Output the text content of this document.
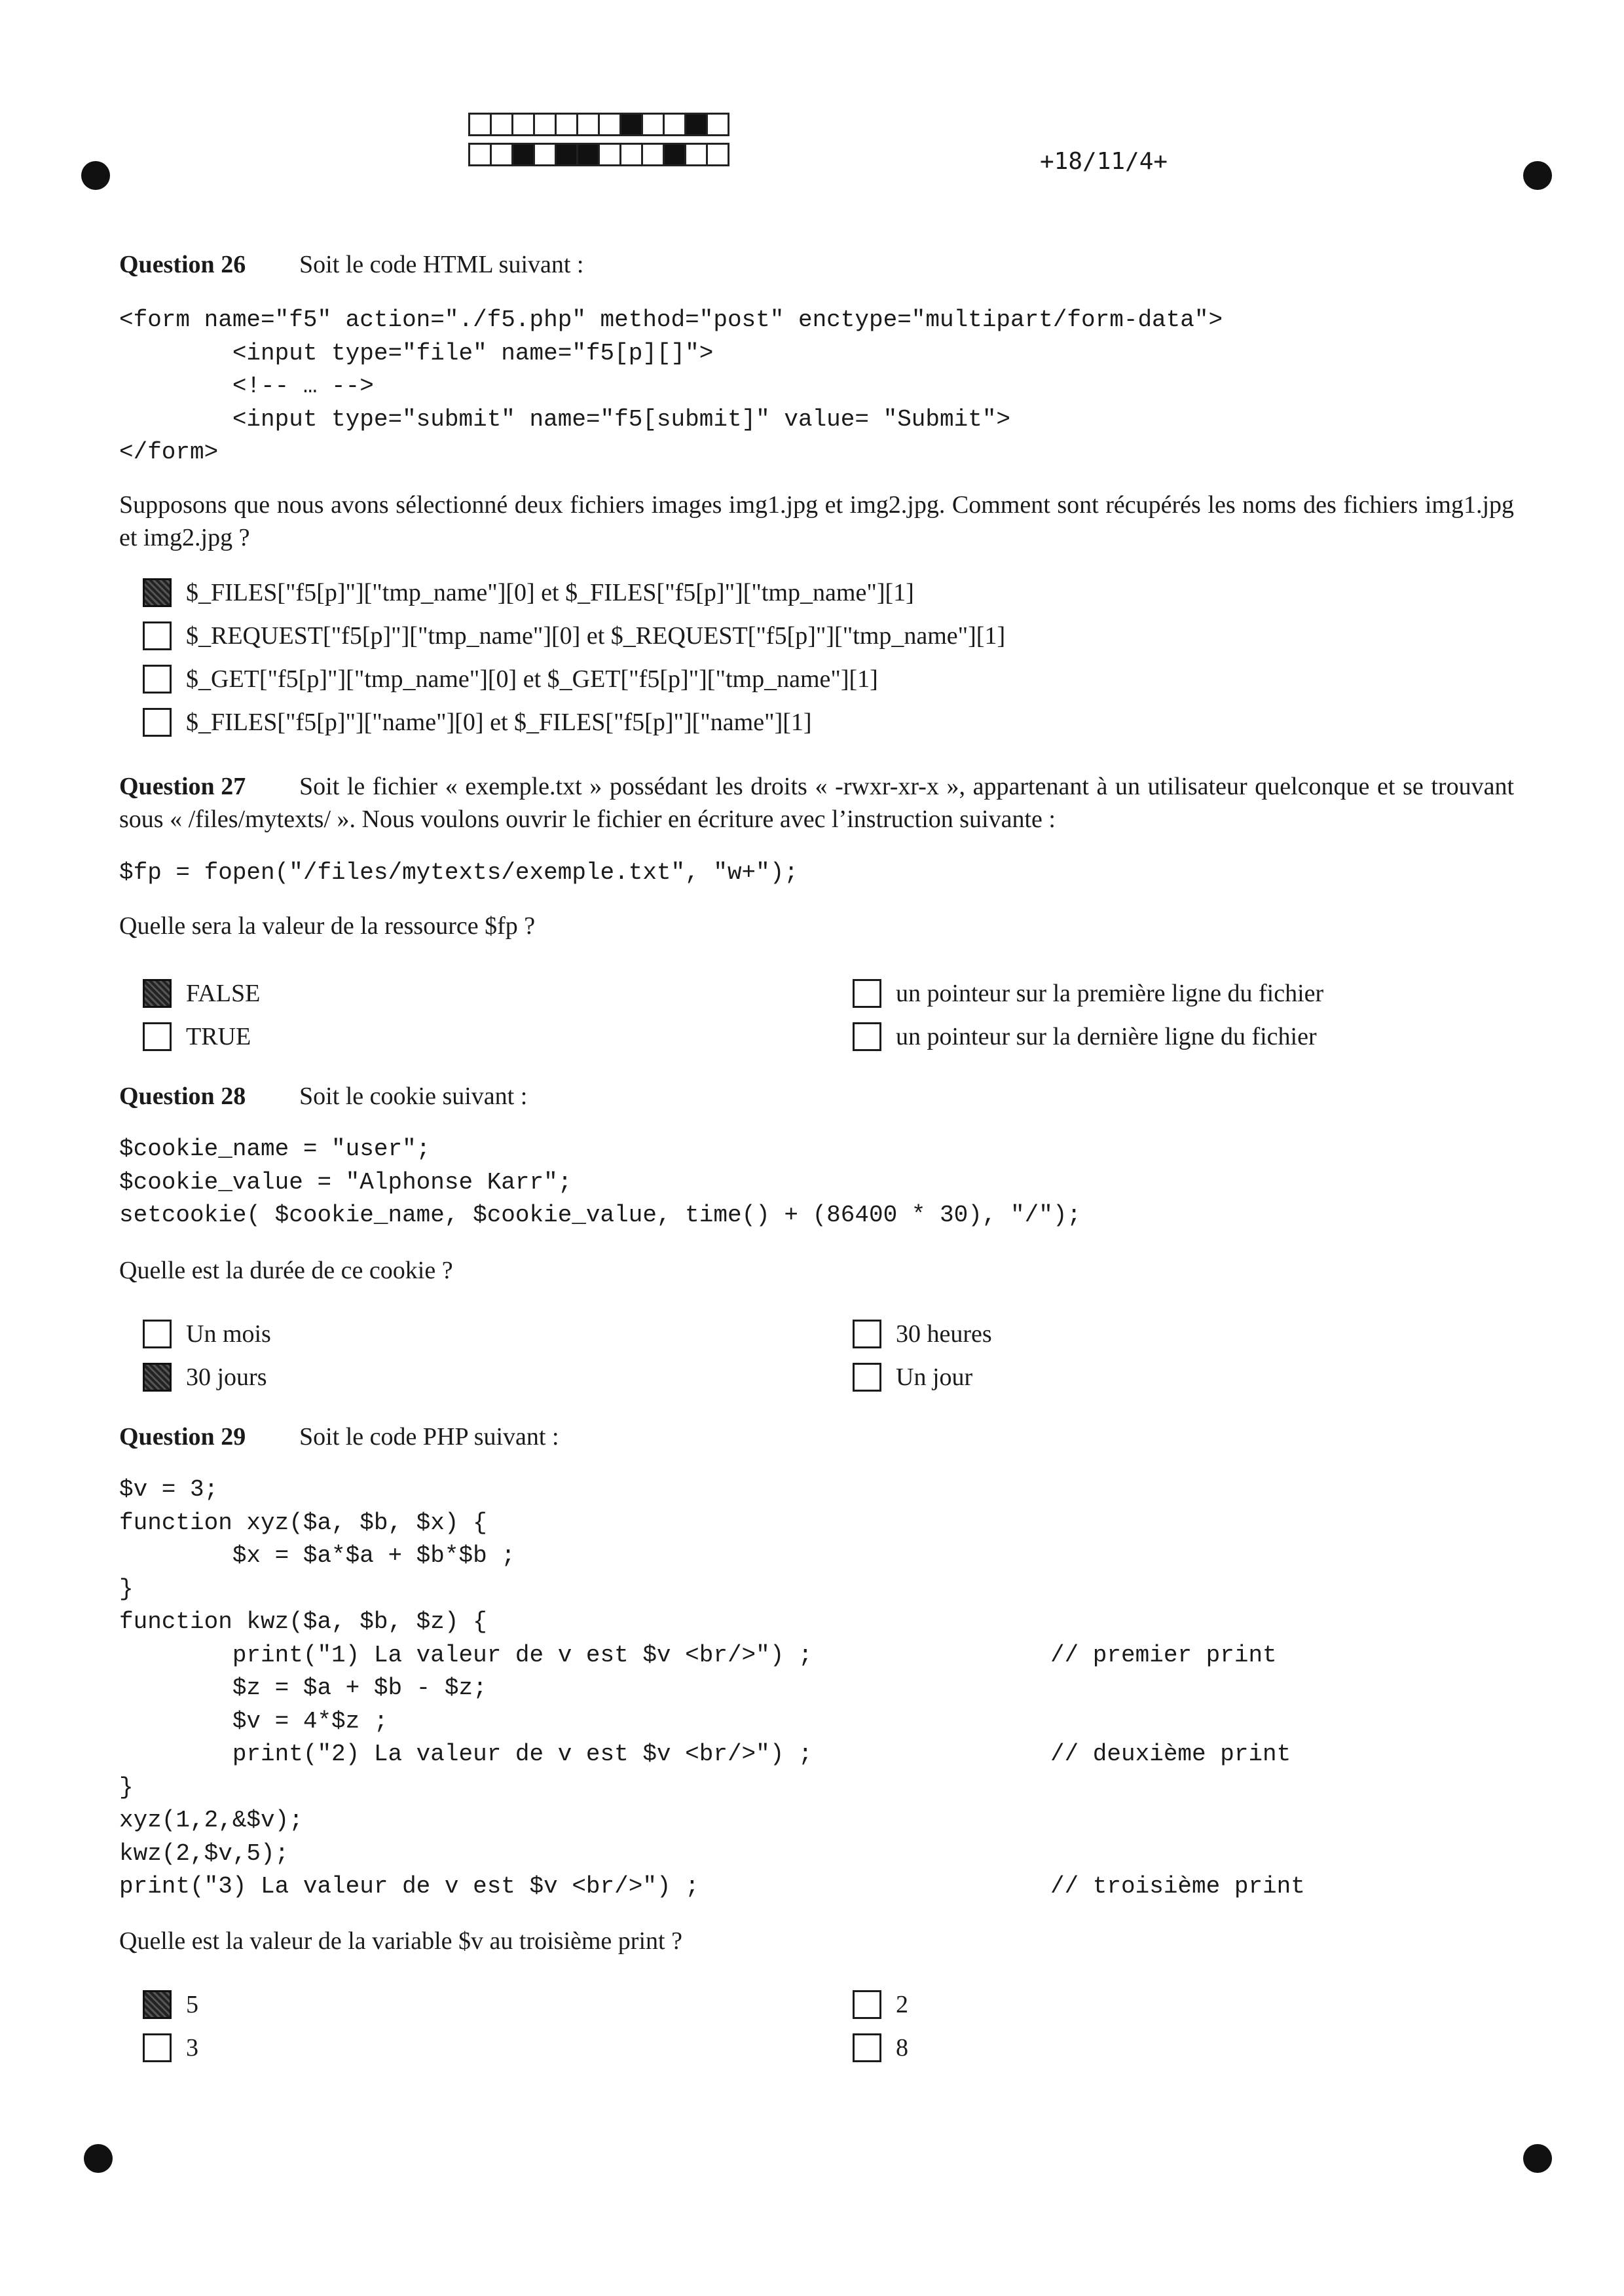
+18/11/4+
Question 26 Soit le code HTML suivant :
<form name="f5" action="./f5.php" method="post" enctype="multipart/form-data">
<input type="file" name="f5[p][]">
<!-- … -->
<input type="submit" name="f5[submit]" value= "Submit">
</form>
Supposons que nous avons sélectionné deux fichiers images img1.jpg et img2.jpg. Comment sont récupérés les noms des fichiers img1.jpg et img2.jpg ?
$_FILES["f5[p]"]["tmp_name"][0] et $_FILES["f5[p]"]["tmp_name"][1]
$_REQUEST["f5[p]"]["tmp_name"][0] et $_REQUEST["f5[p]"]["tmp_name"][1]
$_GET["f5[p]"]["tmp_name"][0] et $_GET["f5[p]"]["tmp_name"][1]
$_FILES["f5[p]"]["name"][0] et $_FILES["f5[p]"]["name"][1]
Question 27 Soit le fichier « exemple.txt » possédant les droits « -rwxr-xr-x », appartenant à un utilisateur quelconque et se trouvant sous « /files/mytexts/ ». Nous voulons ouvrir le fichier en écriture avec l’instruction suivante :
$fp = fopen("/files/mytexts/exemple.txt", "w+");
Quelle sera la valeur de la ressource $fp ?
FALSE
TRUE
un pointeur sur la première ligne du fichier
un pointeur sur la dernière ligne du fichier
Question 28 Soit le cookie suivant :
$cookie_name = "user";
$cookie_value = "Alphonse Karr";
setcookie( $cookie_name, $cookie_value, time() + (86400 * 30), "/");
Quelle est la durée de ce cookie ?
Un mois
30 jours
30 heures
Un jour
Question 29 Soit le code PHP suivant :
$v = 3;
function xyz($a, $b, $x) {
$x = $a*$a + $b*$b ;
}
function kwz($a, $b, $z) {
print("1) La valeur de v est $v <br/>") ;
$z = $a + $b - $z;
$v = 4*$z ;
print("2) La valeur de v est $v <br/>") ;
}
xyz(1,2,&$v);
kwz(2,$v,5);
print("3) La valeur de v est $v <br/>") ;
// premier print
// deuxième print
// troisième print
Quelle est la valeur de la variable $v au troisième print ?
5
3
2
8
